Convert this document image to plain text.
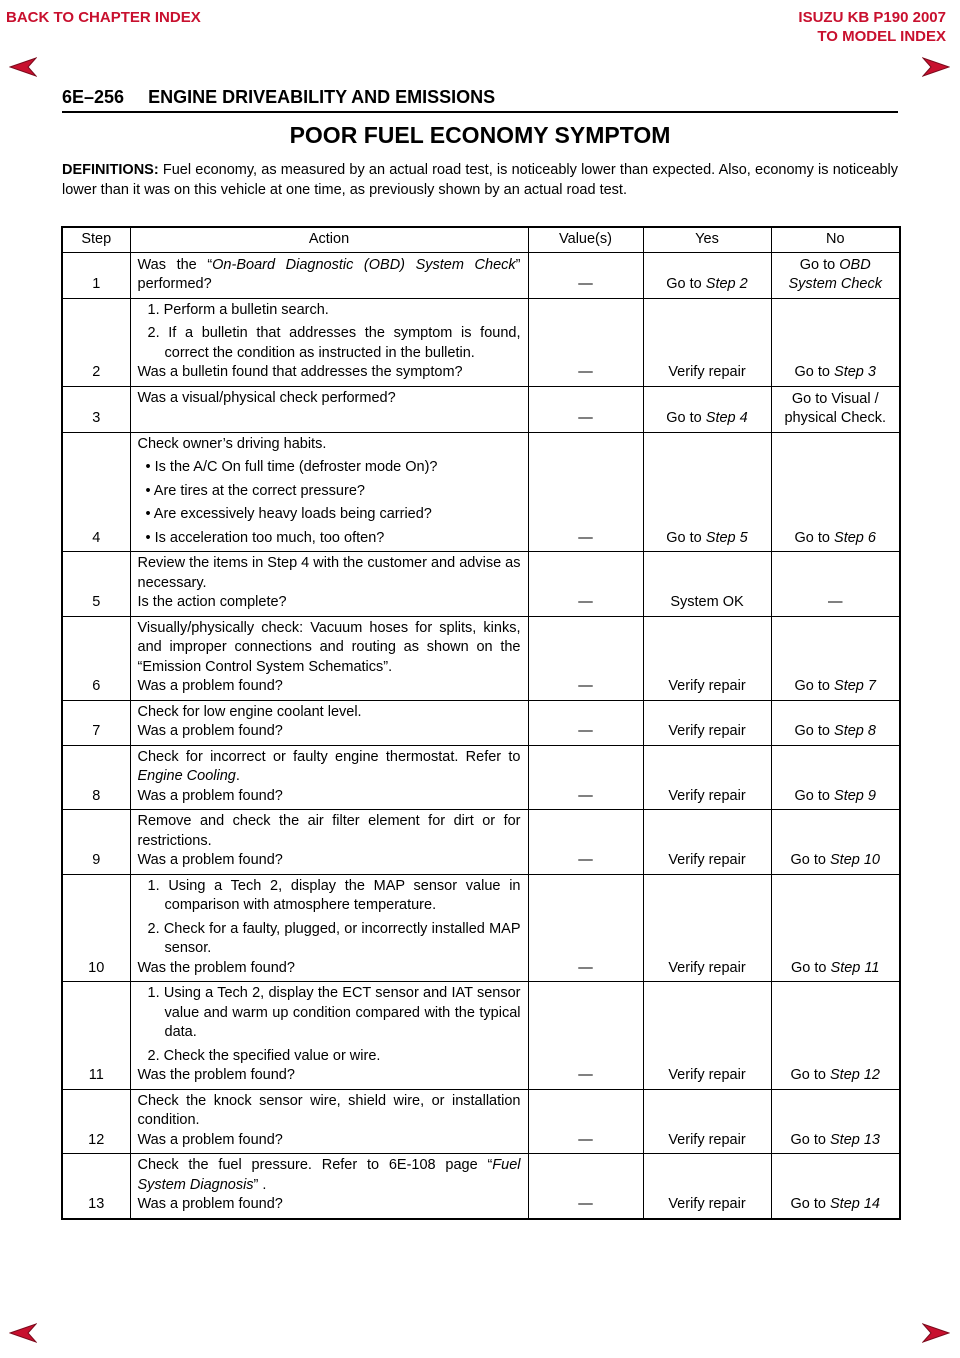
BACK TO CHAPTER INDEX	ISUZU KB P190 2007
TO MODEL INDEX
6E–256 ENGINE DRIVEABILITY AND EMISSIONS
POOR FUEL ECONOMY SYMPTOM
DEFINITIONS: Fuel economy, as measured by an actual road test, is noticeably lower than expected. Also, economy is noticeably lower than it was on this vehicle at one time, as previously shown by an actual road test.
Step	Action	Value(s)	Yes	No
1	Was the “On-Board Diagnostic (OBD) System Check” performed?	—	Go to Step 2	Go to OBD
System Check
2	1. Perform a bulletin search.
2. If a bulletin that addresses the symptom is found, correct the condition as instructed in the bulletin.
Was a bulletin found that addresses the symptom?	—	Verify repair	Go to Step 3
3	Was a visual/physical check performed?	—	Go to Step 4	Go to Visual /
physical Check.

4	Check owner’s driving habits.
• Is the A/C On full time (defroster mode On)?
• Are tires at the correct pressure?
• Are excessively heavy loads being carried?
• Is acceleration too much, too often?	—	Go to Step 5	Go to Step 6
5	Review the items in Step 4 with the customer and advise as necessary.
Is the action complete?	—	System OK	—
6	Visually/physically check: Vacuum hoses for splits, kinks, and improper connections and routing as shown on the “Emission Control System Schematics”.
Was a problem found?	—	Verify repair	Go to Step 7
7	Check for low engine coolant level.
Was a problem found?	—	Verify repair	Go to Step 8
8	Check for incorrect or faulty engine thermostat. Refer to Engine Cooling.
Was a problem found?	—	Verify repair	Go to Step 9
9	Remove and check the air filter element for dirt or for restrictions.
Was a problem found?	—	Verify repair	Go to Step 10
10	1. Using a Tech 2, display the MAP sensor value in comparison with atmosphere temperature.
2. Check for a faulty, plugged, or incorrectly installed MAP sensor.
Was the problem found?	—	Verify repair	Go to Step 11
11	1. Using a Tech 2, display the ECT sensor and IAT sensor value and warm up condition compared with the typical data.
2. Check the specified value or wire.
Was the problem found?	—	Verify repair	Go to Step 12
12	Check the knock sensor wire, shield wire, or installation condition.
Was a problem found?	—	Verify repair	Go to Step 13
13	Check the fuel pressure. Refer to 6E-108 page “Fuel System Diagnosis” .
Was a problem found?	—	Verify repair	Go to Step 14
